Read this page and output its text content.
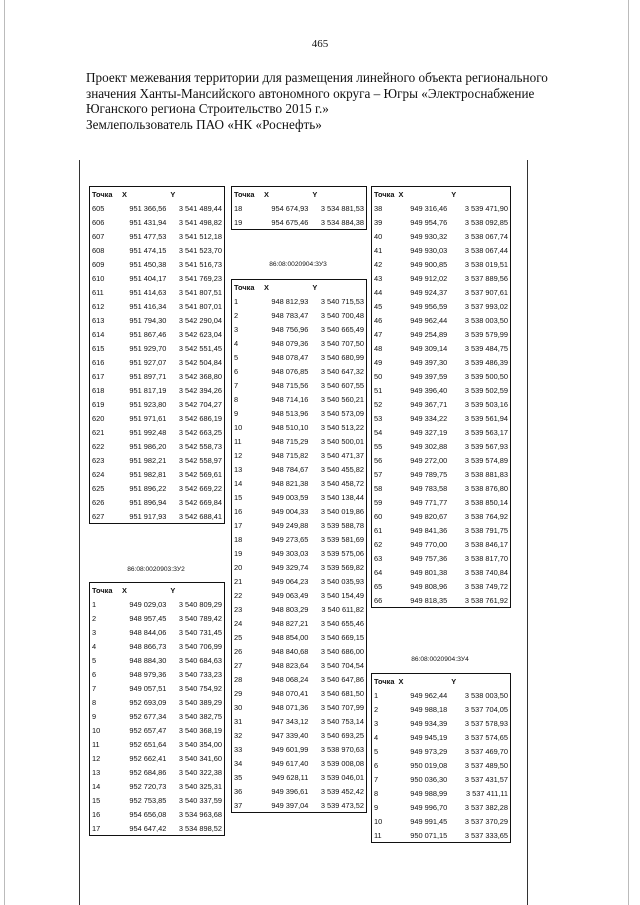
465
Проект межевания территории для размещения линейного объекта регионального
значения Ханты-Мансийского автономного округа – Югры «Электроснабжение
Юганского региона Строительство 2015 г.»
Землепользователь ПАО «НК «Роснефть»
Точка	X	Y
605	951 366,56	3 541 489,44
606	951 431,94	3 541 498,82
607	951 477,53	3 541 512,18
608	951 474,15	3 541 523,70
609	951 450,38	3 541 516,73
610	951 404,17	3 541 769,23
611	951 414,63	3 541 807,51
612	951 416,34	3 541 807,01
613	951 794,30	3 542 290,04
614	951 867,46	3 542 623,04
615	951 929,70	3 542 551,45
616	951 927,07	3 542 504,84
617	951 897,71	3 542 368,80
618	951 817,19	3 542 394,26
619	951 923,80	3 542 704,27
620	951 971,61	3 542 686,19
621	951 992,48	3 542 663,25
622	951 986,20	3 542 558,73
623	951 982,21	3 542 558,97
624	951 982,81	3 542 569,61
625	951 896,22	3 542 669,22
626	951 896,94	3 542 669,84
627	951 917,93	3 542 688,41
Точка	X	Y
18	954 674,93	3 534 881,53
19	954 675,46	3 534 884,38
86:08:0020904:ЗУ3
Точка	X	Y
1	948 812,93	3 540 715,53
2	948 783,47	3 540 700,48
3	948 756,96	3 540 665,49
4	948 079,36	3 540 707,50
5	948 078,47	3 540 680,99
6	948 076,85	3 540 647,32
7	948 715,56	3 540 607,55
8	948 714,16	3 540 560,21
9	948 513,96	3 540 573,09
10	948 510,10	3 540 513,22
11	948 715,29	3 540 500,01
12	948 715,82	3 540 471,37
13	948 784,67	3 540 455,82
14	948 821,38	3 540 458,72
15	949 003,59	3 540 138,44
16	949 004,33	3 540 019,86
17	949 249,88	3 539 588,78
18	949 273,65	3 539 581,69
19	949 303,03	3 539 575,06
20	949 329,74	3 539 569,82
21	949 064,23	3 540 035,93
22	949 063,49	3 540 154,49
23	948 803,29	3 540 611,82
24	948 827,21	3 540 655,46
25	948 854,00	3 540 669,15
26	948 840,68	3 540 686,00
27	948 823,64	3 540 704,54
28	948 068,24	3 540 647,86
29	948 070,41	3 540 681,50
30	948 071,36	3 540 707,99
31	947 343,12	3 540 753,14
32	947 339,40	3 540 693,25
33	949 601,99	3 538 970,63
34	949 617,40	3 539 008,08
35	949 628,11	3 539 046,01
36	949 396,61	3 539 452,42
37	949 397,04	3 539 473,52
Точка	X	Y
38	949 316,46	3 539 471,90
39	949 954,76	3 538 092,85
40	949 930,32	3 538 067,74
41	949 930,03	3 538 067,44
42	949 900,85	3 538 019,51
43	949 912,02	3 537 889,56
44	949 924,37	3 537 907,61
45	949 956,59	3 537 993,02
46	949 962,44	3 538 003,50
47	949 254,89	3 539 579,99
48	949 309,14	3 539 484,75
49	949 397,30	3 539 486,39
50	949 397,59	3 539 500,50
51	949 396,40	3 539 502,59
52	949 367,71	3 539 503,16
53	949 334,22	3 539 561,94
54	949 327,19	3 539 563,17
55	949 302,88	3 539 567,93
56	949 272,00	3 539 574,89
57	949 789,75	3 538 881,83
58	949 783,58	3 538 876,80
59	949 771,77	3 538 850,14
60	949 820,67	3 538 764,92
61	949 841,36	3 538 791,75
62	949 770,00	3 538 846,17
63	949 757,36	3 538 817,70
64	949 801,38	3 538 740,84
65	949 808,96	3 538 749,72
66	949 818,35	3 538 761,92
86:08:0020903:ЗУ2
Точка	X	Y
1	949 029,03	3 540 809,29
2	948 957,45	3 540 789,42
3	948 844,06	3 540 731,45
4	948 866,73	3 540 706,99
5	948 884,30	3 540 684,63
6	948 979,36	3 540 733,23
7	949 057,51	3 540 754,92
8	952 693,09	3 540 389,29
9	952 677,34	3 540 382,75
10	952 657,47	3 540 368,19
11	952 651,64	3 540 354,00
12	952 662,41	3 540 341,60
13	952 684,86	3 540 322,38
14	952 720,73	3 540 325,31
15	952 753,85	3 540 337,59
16	954 656,08	3 534 963,68
17	954 647,42	3 534 898,52
86:08:0020904:ЗУ4
Точка	X	Y
1	949 962,44	3 538 003,50
2	949 988,18	3 537 704,05
3	949 934,39	3 537 578,93
4	949 945,19	3 537 574,65
5	949 973,29	3 537 469,70
6	950 019,08	3 537 489,50
7	950 036,30	3 537 431,57
8	949 988,99	3 537 411,11
9	949 996,70	3 537 382,28
10	949 991,45	3 537 370,29
11	950 071,15	3 537 333,65
